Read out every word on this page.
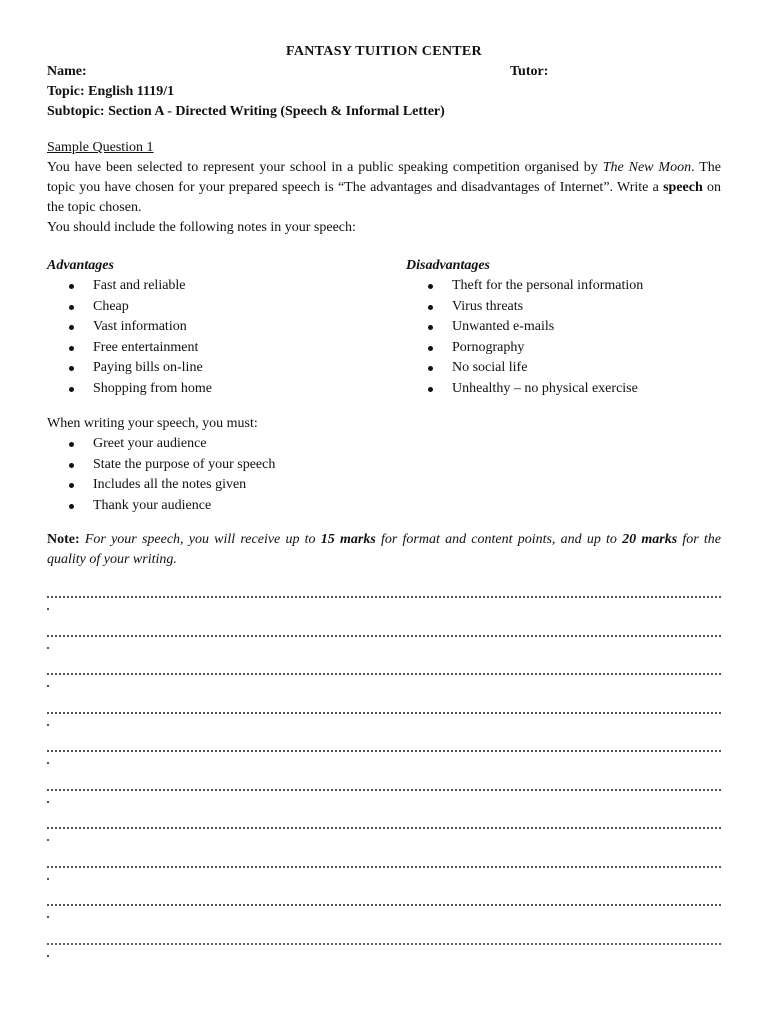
FANTASY TUITION CENTER
Name:	Tutor:
Topic: English 1119/1
Subtopic: Section A - Directed Writing (Speech & Informal Letter)
Sample Question 1
You have been selected to represent your school in a public speaking competition organised by The New Moon. The topic you have chosen for your prepared speech is “The advantages and disadvantages of Internet”. Write a speech on the topic chosen.
You should include the following notes in your speech:
Advantages
Fast and reliable
Cheap
Vast information
Free entertainment
Paying bills on-line
Shopping from home
Disadvantages
Theft for the personal information
Virus threats
Unwanted e-mails
Pornography
No social life
Unhealthy – no physical exercise
When writing your speech, you must:
Greet your audience
State the purpose of your speech
Includes all the notes given
Thank your audience
Note: For your speech, you will receive up to 15 marks for format and content points, and up to 20 marks for the quality of your writing.
